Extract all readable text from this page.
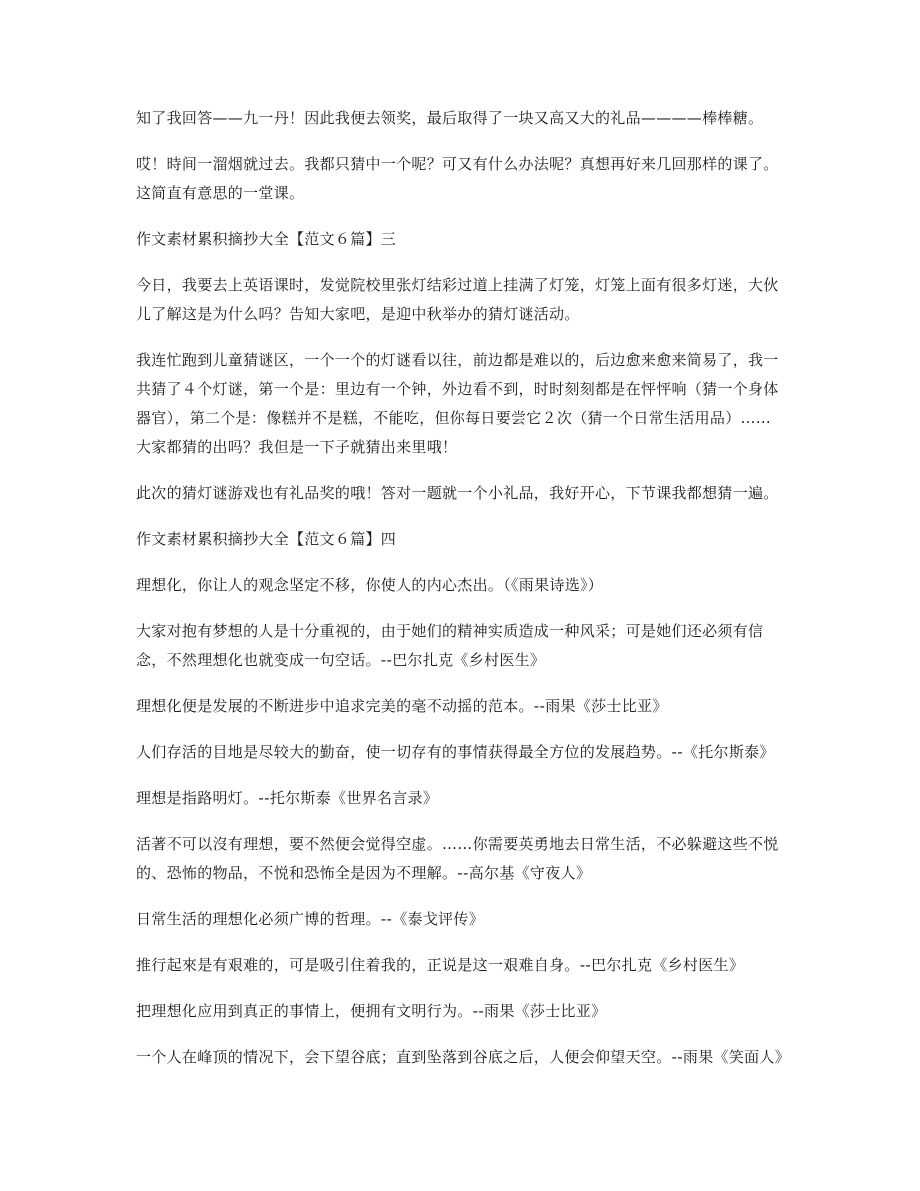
知了我回答——九一丹！因此我便去领奖，最后取得了一块又高又大的礼品————棒棒糖。

哎！時间一溜烟就过去。我都只猜中一个呢？可又有什么办法呢？真想再好来几回那样的课了。这简直有意思的一堂课。

作文素材累积摘抄大全【范文６篇】三

今日，我要去上英语课时，发觉院校里张灯结彩过道上挂满了灯笼，灯笼上面有很多灯迷，大伙儿了解这是为什么吗？告知大家吧，是迎中秋举办的猜灯谜活动。

我连忙跑到儿童猜谜区，一个一个的灯谜看以往，前边都是难以的，后边愈来愈来简易了，我一共猜了４个灯谜，第一个是：里边有一个钟，外边看不到，时时刻刻都是在怦怦响（猜一个身体器官），第二个是：像糕并不是糕，不能吃，但你每日要尝它２次（猜一个日常生活用品）……大家都猜的出吗？我但是一下子就猜出来里哦！

此次的猜灯谜游戏也有礼品奖的哦！答对一题就一个小礼品，我好开心，下节课我都想猜一遍。

作文素材累积摘抄大全【范文６篇】四

理想化，你让人的观念坚定不移，你使人的内心杰出。（《雨果诗选》）

大家对抱有梦想的人是十分重视的，由于她们的精神实质造成一种风采；可是她们还必须有信念，不然理想化也就变成一句空话。--巴尔扎克《乡村医生》

理想化便是发展的不断进步中追求完美的毫不动摇的范本。--雨果《莎士比亚》

人们存活的目地是尽较大的勤奋，使一切存有的事情获得最全方位的发展趋势。--《托尔斯泰》

理想是指路明灯。--托尔斯泰《世界名言录》

活著不可以沒有理想，要不然便会觉得空虚。……你需要英勇地去日常生活，不必躲避这些不悦的、恐怖的物品，不悦和恐怖全是因为不理解。--高尔基《守夜人》

日常生活的理想化必须广博的哲理。--《泰戈评传》

推行起來是有艰难的，可是吸引住着我的，正说是这一艰难自身。--巴尔扎克《乡村医生》

把理想化应用到真正的事情上，便拥有文明行为。--雨果《莎士比亚》

一个人在峰顶的情况下，会下望谷底；直到坠落到谷底之后，人便会仰望天空。--雨果《笑面人》
